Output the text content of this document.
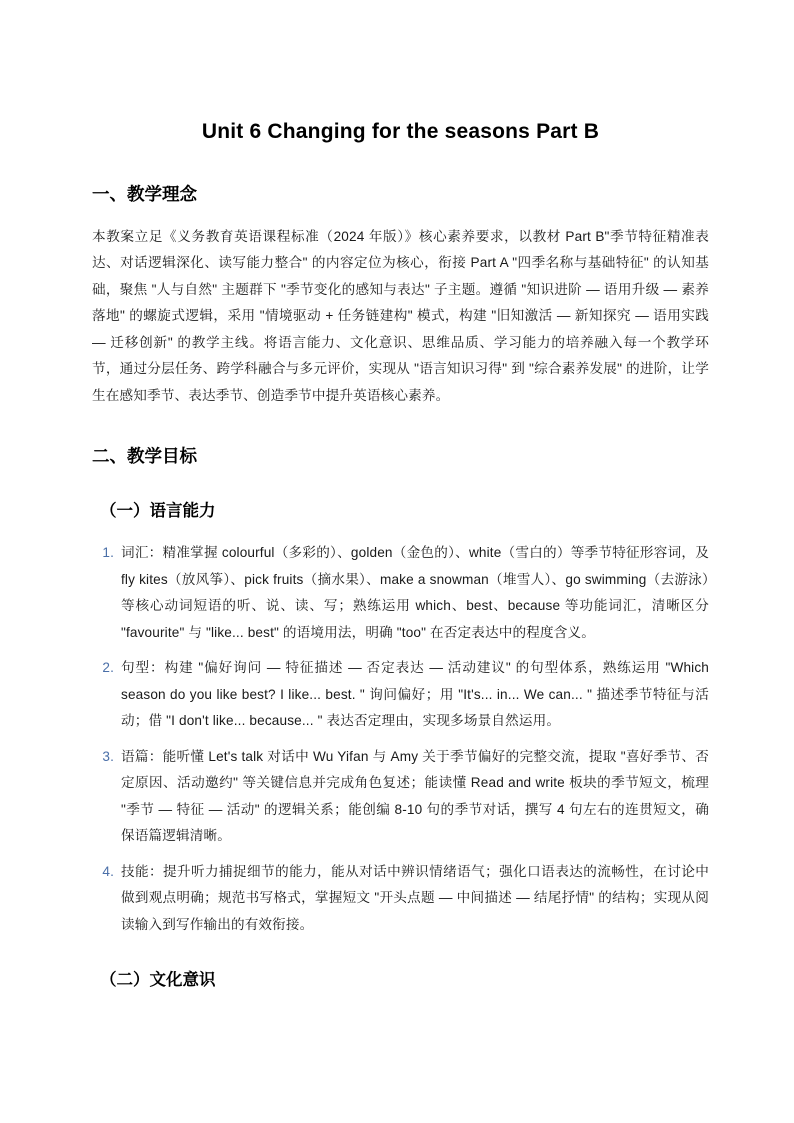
Unit 6 Changing for the seasons Part B
一、教学理念

本教案立足《义务教育英语课程标准（2024 年版）》核心素养要求，以教材 Part B"季节特征精准表达、对话逻辑深化、读写能力整合" 的内容定位为核心，衔接 Part A "四季名称与基础特征" 的认知基础，聚焦 "人与自然" 主题群下 "季节变化的感知与表达" 子主题。遵循 "知识进阶 — 语用升级 — 素养落地" 的螺旋式逻辑，采用 "情境驱动 + 任务链建构" 模式，构建 "旧知激活 — 新知探究 — 语用实践 — 迁移创新" 的教学主线。将语言能力、文化意识、思维品质、学习能力的培养融入每一个教学环节，通过分层任务、跨学科融合与多元评价，实现从 "语言知识习得" 到 "综合素养发展" 的进阶，让学生在感知季节、表达季节、创造季节中提升英语核心素养。

二、教学目标
（一）语言能力
1. 词汇：精准掌握 colourful（多彩的）、golden（金色的）、white（雪白的）等季节特征形容词，及 fly kites（放风筝）、pick fruits（摘水果）、make a snowman（堆雪人）、go swimming（去游泳）等核心动词短语的听、说、读、写；熟练运用 which、best、because 等功能词汇，清晰区分 "favourite" 与 "like... best" 的语境用法，明确 "too" 在否定表达中的程度含义。
2. 句型：构建 "偏好询问 — 特征描述 — 否定表达 — 活动建议" 的句型体系，熟练运用 "Which season do you like best? I like... best. " 询问偏好；用 "It's... in... We can... " 描述季节特征与活动；借 "I don't like... because... " 表达否定理由，实现多场景自然运用。
3. 语篇：能听懂 Let's talk 对话中 Wu Yifan 与 Amy 关于季节偏好的完整交流，提取 "喜好季节、否定原因、活动邀约" 等关键信息并完成角色复述；能读懂 Read and write 板块的季节短文，梳理 "季节 — 特征 — 活动" 的逻辑关系；能创编 8-10 句的季节对话，撰写 4 句左右的连贯短文，确保语篇逻辑清晰。
4. 技能：提升听力捕捉细节的能力，能从对话中辨识情绪语气；强化口语表达的流畅性，在讨论中做到观点明确；规范书写格式，掌握短文 "开头点题 — 中间描述 — 结尾抒情" 的结构；实现从阅读输入到写作输出的有效衔接。
（二）文化意识
